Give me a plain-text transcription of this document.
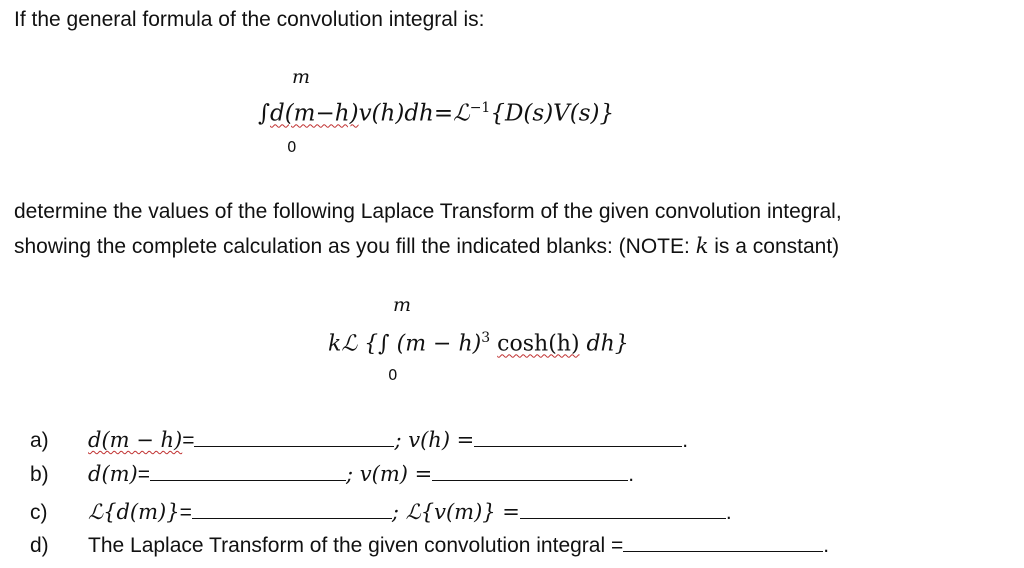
If the general formula of the convolution integral is:
m
∫d(m−h)v(h)dh=ℒ$^{-1}${D(s)V(s)}
0
determine the values of the following Laplace Transform of the given convolution integral,
showing the complete calculation as you fill the indicated blanks: (NOTE: k is a constant)
m
kℒ {∫ $(m - h)^3$ cosh(h) dh}
0
a)	d(m − h) =	; v(h) =	.
b)	d(m) =	; v(m) =	.
c)	ℒ{d(m)} =	; ℒ{v(m)} =	.
d)	The Laplace Transform of the given convolution integral =	.
